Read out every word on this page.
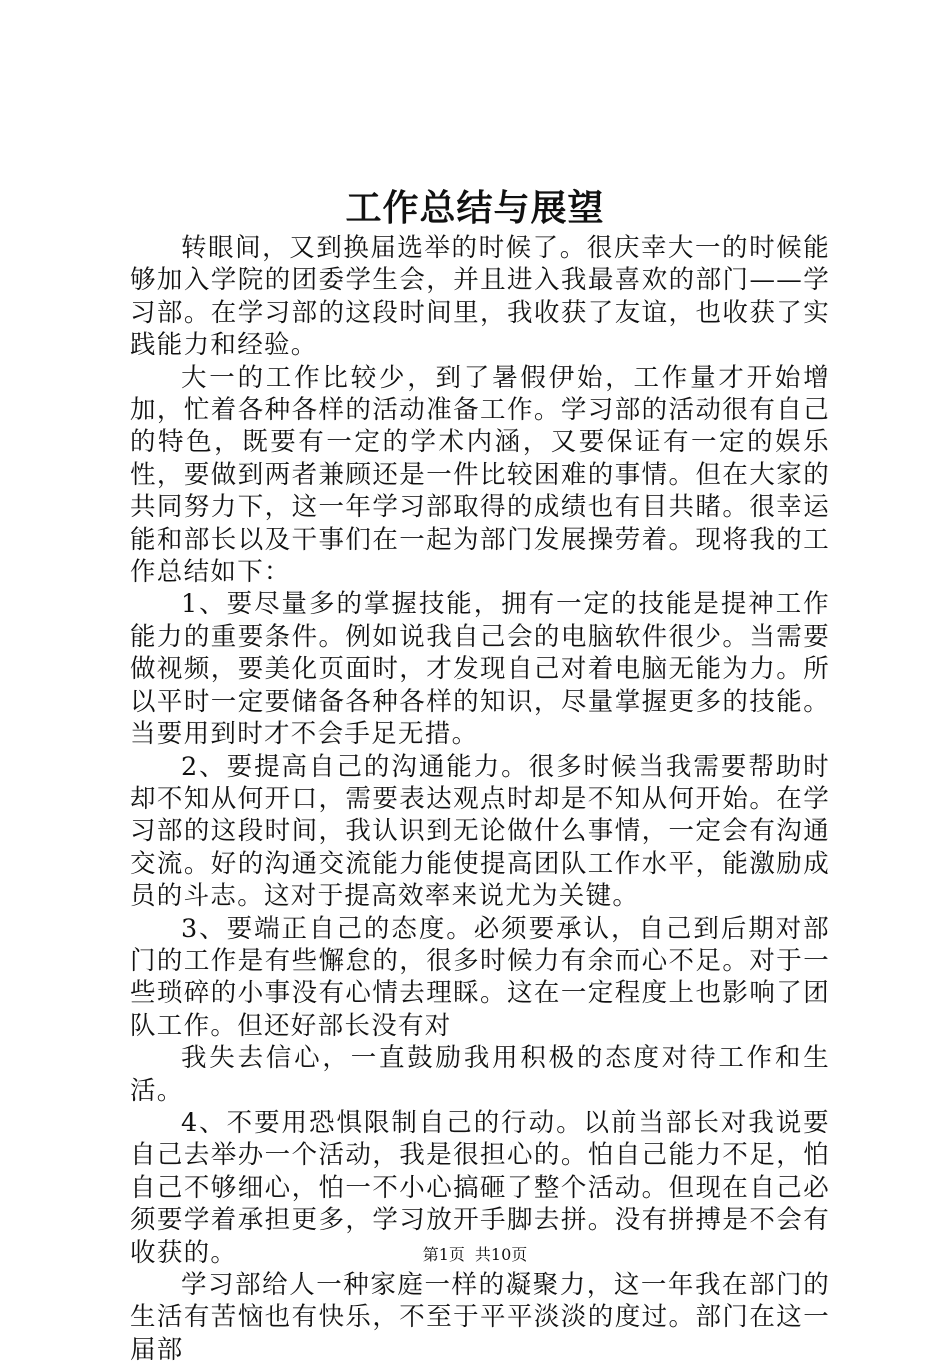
工作总结与展望

转眼间，又到换届选举的时候了。很庆幸大一的时候能够加入学院的团委学生会，并且进入我最喜欢的部门——学习部。在学习部的这段时间里，我收获了友谊，也收获了实践能力和经验。

大一的工作比较少，到了暑假伊始，工作量才开始增加，忙着各种各样的活动准备工作。学习部的活动很有自己的特色，既要有一定的学术内涵，又要保证有一定的娱乐性，要做到两者兼顾还是一件比较困难的事情。但在大家的共同努力下，这一年学习部取得的成绩也有目共睹。很幸运能和部长以及干事们在一起为部门发展操劳着。现将我的工作总结如下：

1、要尽量多的掌握技能，拥有一定的技能是提神工作能力的重要条件。例如说我自己会的电脑软件很少。当需要做视频，要美化页面时，才发现自己对着电脑无能为力。所以平时一定要储备各种各样的知识，尽量掌握更多的技能。当要用到时才不会手足无措。

2、要提高自己的沟通能力。很多时候当我需要帮助时却不知从何开口，需要表达观点时却是不知从何开始。在学习部的这段时间，我认识到无论做什么事情，一定会有沟通交流。好的沟通交流能力能使提高团队工作水平，能激励成员的斗志。这对于提高效率来说尤为关键。

3、要端正自己的态度。必须要承认，自己到后期对部门的工作是有些懈怠的，很多时候力有余而心不足。对于一些琐碎的小事没有心情去理睬。这在一定程度上也影响了团队工作。但还好部长没有对

我失去信心，一直鼓励我用积极的态度对待工作和生活。

4、不要用恐惧限制自己的行动。以前当部长对我说要自己去举办一个活动，我是很担心的。怕自己能力不足，怕自己不够细心，怕一不小心搞砸了整个活动。但现在自己必须要学着承担更多，学习放开手脚去拼。没有拼搏是不会有收获的。

学习部给人一种家庭一样的凝聚力，这一年我在部门的生活有苦恼也有快乐，不至于平平淡淡的度过。部门在这一届部

第1页 共10页
